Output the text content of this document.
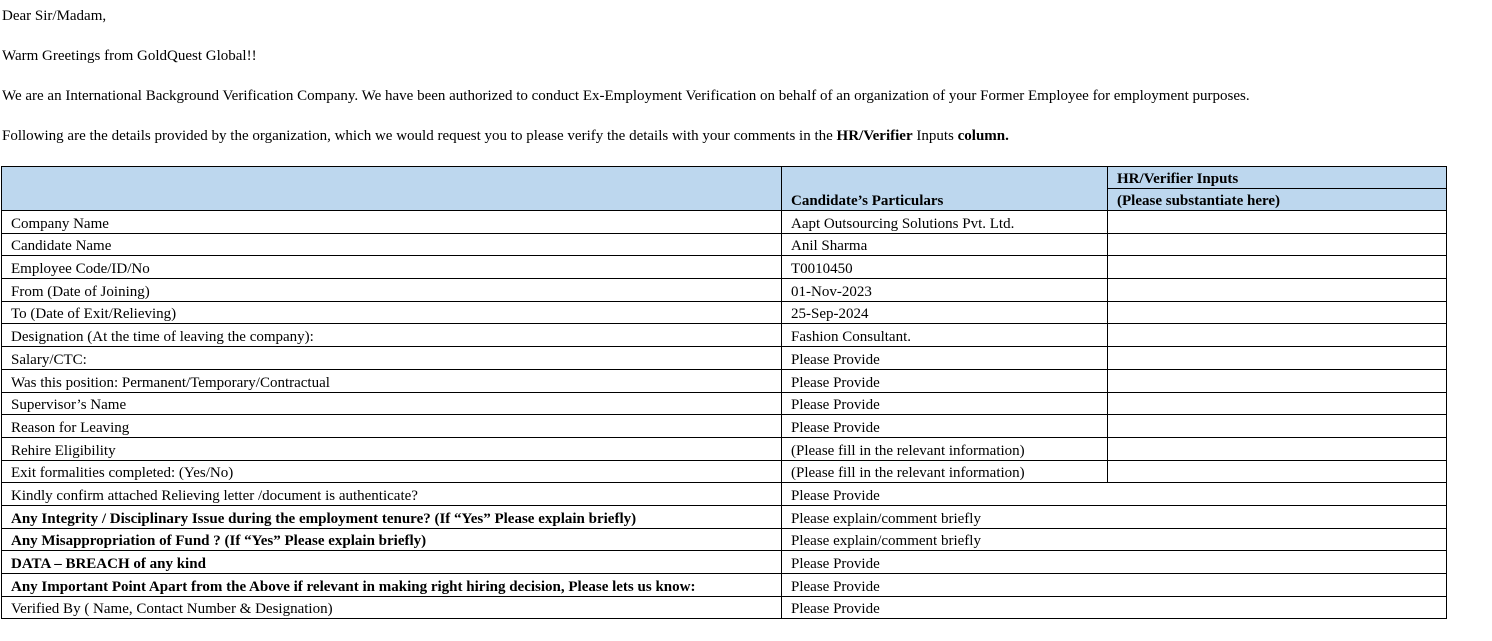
Dear Sir/Madam,

Warm Greetings from GoldQuest Global!!

We are an International Background Verification Company. We have been authorized to conduct Ex-Employment Verification on behalf of an organization of your Former Employee for employment purposes.

Following are the details provided by the organization, which we would request you to please verify the details with your comments in the HR/Verifier Inputs column.

	Candidate’s Particulars	HR/Verifier Inputs
		(Please substantiate here)
Company Name	Aapt Outsourcing Solutions Pvt. Ltd.	
Candidate Name	Anil Sharma	
Employee Code/ID/No	T0010450	
From (Date of Joining)	01-Nov-2023	
To (Date of Exit/Relieving)	25-Sep-2024	
Designation (At the time of leaving the company):	Fashion Consultant.	
Salary/CTC:	Please Provide	
Was this position: Permanent/Temporary/Contractual	Please Provide	
Supervisor’s Name	Please Provide	
Reason for Leaving	Please Provide	
Rehire Eligibility	(Please fill in the relevant information)	
Exit formalities completed: (Yes/No)	(Please fill in the relevant information)	
Kindly confirm attached Relieving letter /document is authenticate?	Please Provide	
Any Integrity / Disciplinary Issue during the employment tenure? (If “Yes” Please explain briefly)	Please explain/comment briefly	
Any Misappropriation of Fund ? (If “Yes” Please explain briefly)	Please explain/comment briefly	
DATA – BREACH of any kind	Please Provide	
Any Important Point Apart from the Above if relevant in making right hiring decision, Please lets us know:	Please Provide	
Verified By ( Name, Contact Number & Designation)	Please Provide	
